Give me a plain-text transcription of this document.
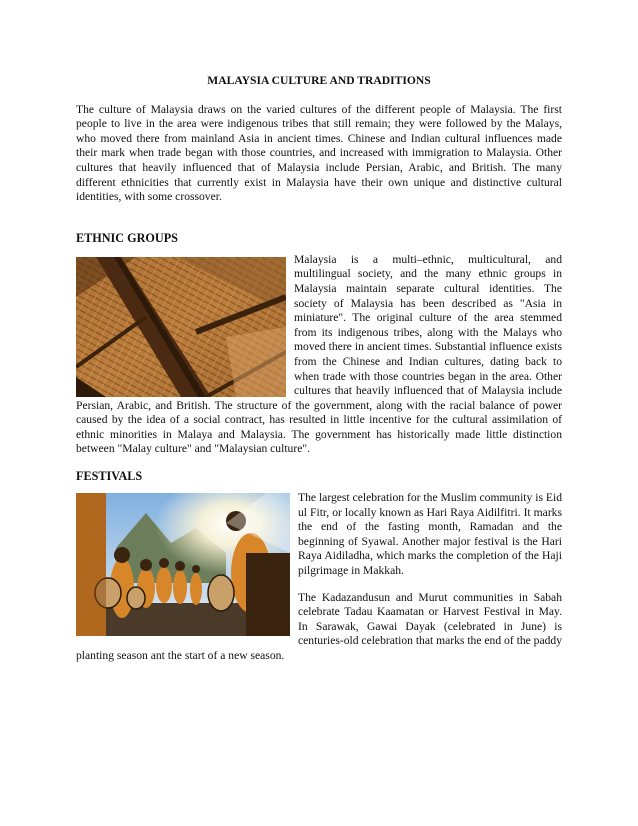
MALAYSIA CULTURE AND TRADITIONS

The culture of Malaysia draws on the varied cultures of the different people of Malaysia. The first people to live in the area were indigenous tribes that still remain; they were followed by the Malays, who moved there from mainland Asia in ancient times. Chinese and Indian cultural influences made their mark when trade began with those countries, and increased with immigration to Malaysia. Other cultures that heavily influenced that of Malaysia include Persian, Arabic, and British. The many different ethnicities that currently exist in Malaysia have their own unique and distinctive cultural identities, with some crossover.

ETHNIC GROUPS

Malaysia is a multi–ethnic, multicultural, and multilingual society, and the many ethnic groups in Malaysia maintain separate cultural identities. The society of Malaysia has been described as "Asia in miniature". The original culture of the area stemmed from its indigenous tribes, along with the Malays who moved there in ancient times. Substantial influence exists from the Chinese and Indian cultures, dating back to when trade with those countries began in the area. Other cultures that heavily influenced that of Malaysia include Persian, Arabic, and British. The structure of the government, along with the racial balance of power caused by the idea of a social contract, has resulted in little incentive for the cultural assimilation of ethnic minorities in Malaya and Malaysia. The government has historically made little distinction between "Malay culture" and "Malaysian culture".

FESTIVALS

The largest celebration for the Muslim community is Eid ul Fitr, or locally known as Hari Raya Aidilfitri. It marks the end of the fasting month, Ramadan and the beginning of Syawal. Another major festival is the Hari Raya Aidiladha, which marks the completion of the Haji pilgrimage in Makkah.

The Kadazandusun and Murut communities in Sabah celebrate Tadau Kaamatan or Harvest Festival in May. In Sarawak, Gawai Dayak (celebrated in June) is centuries-old celebration that marks the end of the paddy planting season ant the start of a new season.
